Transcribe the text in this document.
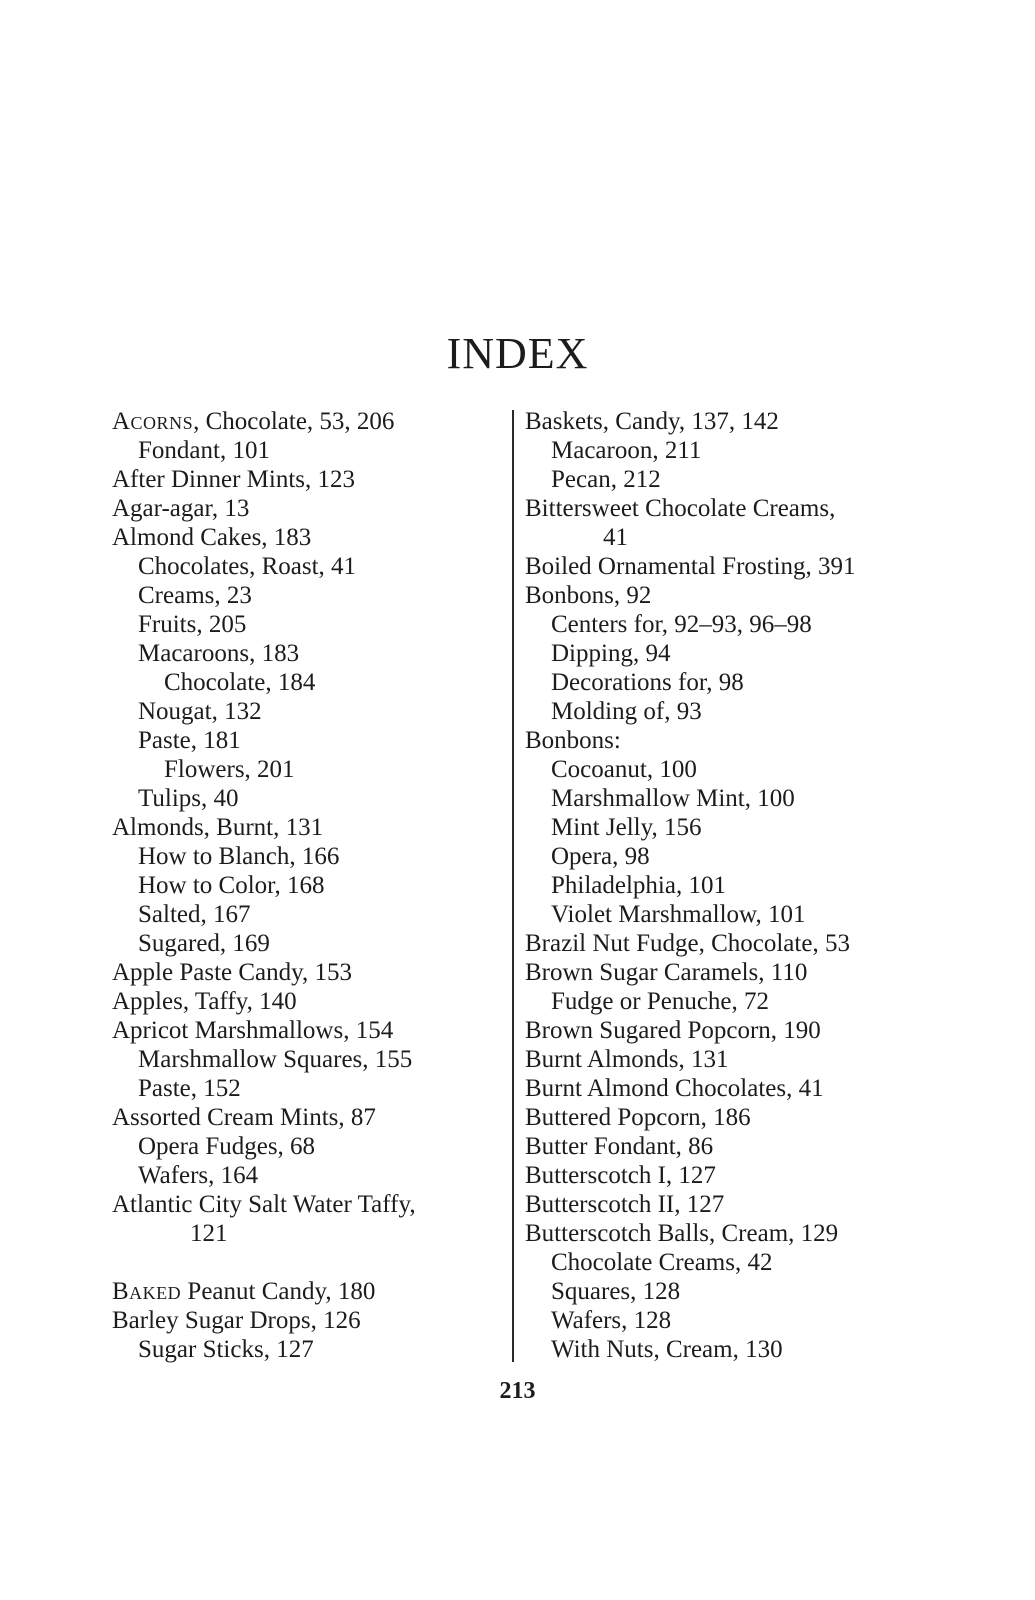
INDEX
Acorns, Chocolate, 53, 206
Fondant, 101
After Dinner Mints, 123
Agar-agar, 13
Almond Cakes, 183
Chocolates, Roast, 41
Creams, 23
Fruits, 205
Macaroons, 183
Chocolate, 184
Nougat, 132
Paste, 181
Flowers, 201
Tulips, 40
Almonds, Burnt, 131
How to Blanch, 166
How to Color, 168
Salted, 167
Sugared, 169
Apple Paste Candy, 153
Apples, Taffy, 140
Apricot Marshmallows, 154
Marshmallow Squares, 155
Paste, 152
Assorted Cream Mints, 87
Opera Fudges, 68
Wafers, 164
Atlantic City Salt Water Taffy,
121
Baked Peanut Candy, 180
Barley Sugar Drops, 126
Sugar Sticks, 127
Baskets, Candy, 137, 142
Macaroon, 211
Pecan, 212
Bittersweet Chocolate Creams,
41
Boiled Ornamental Frosting, 391
Bonbons, 92
Centers for, 92–93, 96–98
Dipping, 94
Decorations for, 98
Molding of, 93
Bonbons:
Cocoanut, 100
Marshmallow Mint, 100
Mint Jelly, 156
Opera, 98
Philadelphia, 101
Violet Marshmallow, 101
Brazil Nut Fudge, Chocolate, 53
Brown Sugar Caramels, 110
Fudge or Penuche, 72
Brown Sugared Popcorn, 190
Burnt Almonds, 131
Burnt Almond Chocolates, 41
Buttered Popcorn, 186
Butter Fondant, 86
Butterscotch I, 127
Butterscotch II, 127
Butterscotch Balls, Cream, 129
Chocolate Creams, 42
Squares, 128
Wafers, 128
With Nuts, Cream, 130
213
